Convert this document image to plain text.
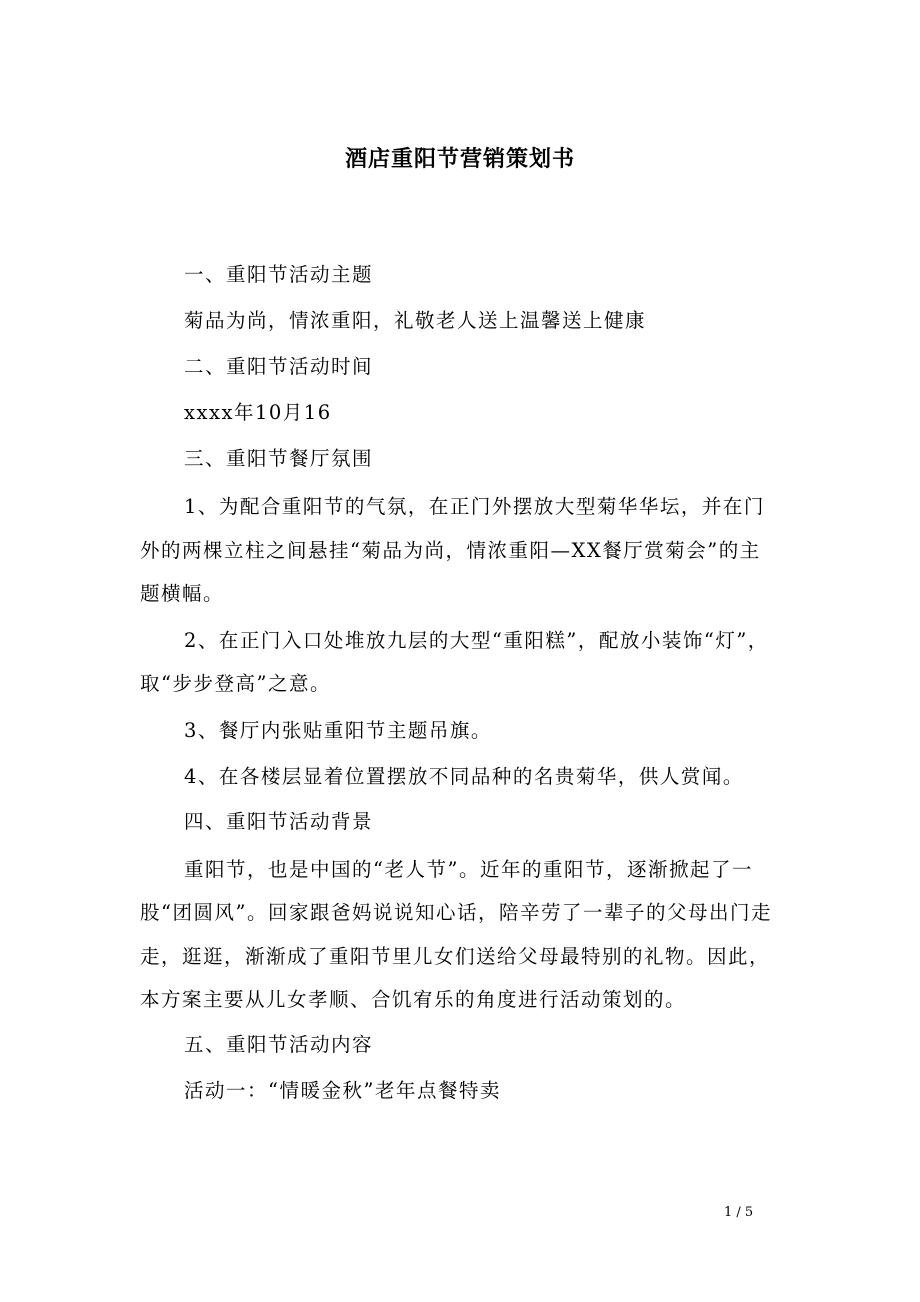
酒店重阳节营销策划书

一、重阳节活动主题

菊品为尚，情浓重阳，礼敬老人送上温馨送上健康

二、重阳节活动时间

xxxx年10月16

三、重阳节餐厅氛围

1、为配合重阳节的气氛，在正门外摆放大型菊华华坛，并在门外的两棵立柱之间悬挂“菊品为尚，情浓重阳—XX餐厅赏菊会”的主题横幅。

2、在正门入口处堆放九层的大型“重阳糕”，配放小装饰“灯”，取“步步登高”之意。

3、餐厅内张贴重阳节主题吊旗。

4、在各楼层显着位置摆放不同品种的名贵菊华，供人赏闻。

四、重阳节活动背景

重阳节，也是中国的“老人节”。近年的重阳节，逐渐掀起了一股“团圆风”。回家跟爸妈说说知心话，陪辛劳了一辈子的父母出门走走，逛逛，渐渐成了重阳节里儿女们送给父母最特别的礼物。因此，本方案主要从儿女孝顺、合饥宥乐的角度进行活动策划的。

五、重阳节活动内容

活动一：“情暖金秋”老年点餐特卖

1 / 5
